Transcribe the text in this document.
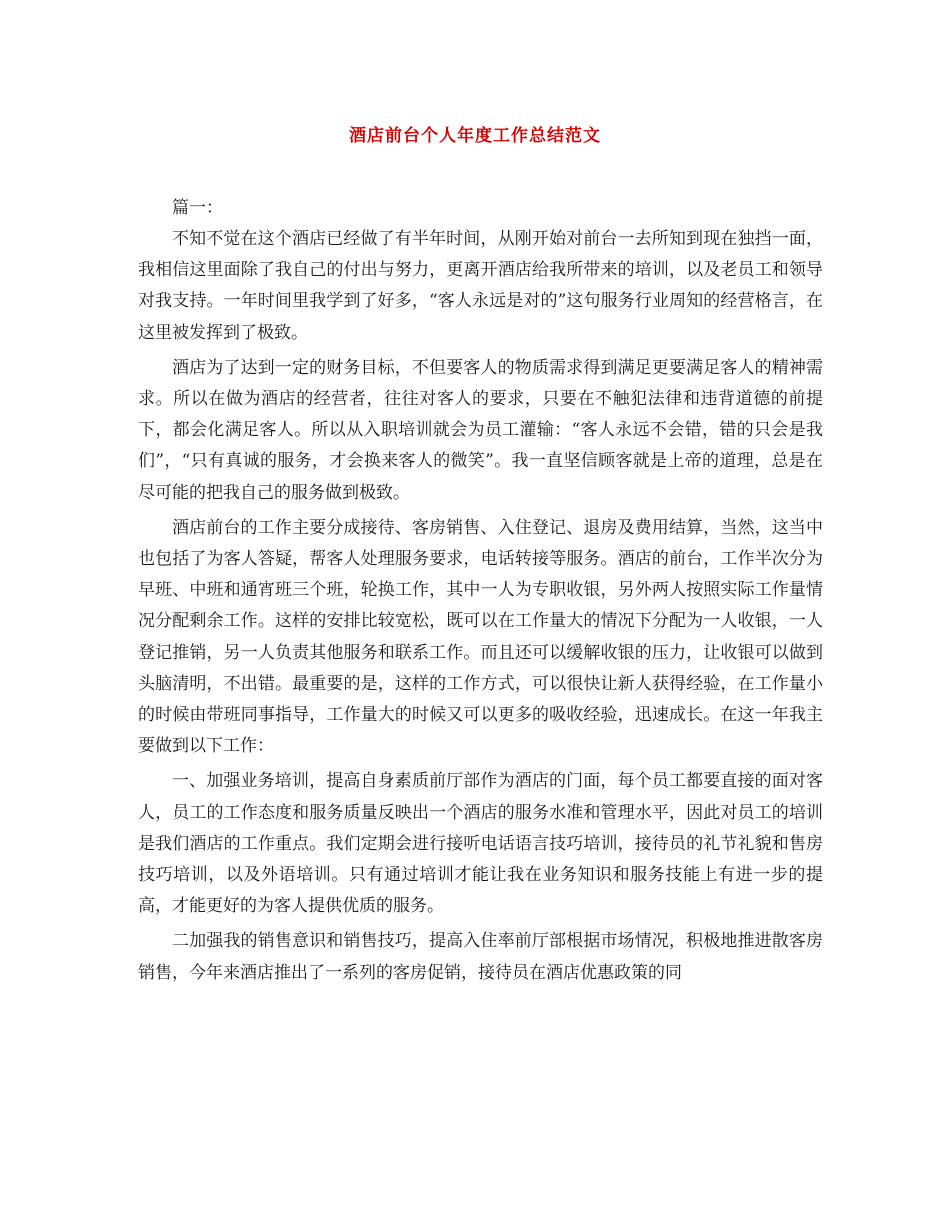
酒店前台个人年度工作总结范文
篇一：

不知不觉在这个酒店已经做了有半年时间，从刚开始对前台一去所知到现在独挡一面，我相信这里面除了我自己的付出与努力，更离开酒店给我所带来的培训，以及老员工和领导对我支持。一年时间里我学到了好多，“客人永远是对的”这句服务行业周知的经营格言，在这里被发挥到了极致。

酒店为了达到一定的财务目标，不但要客人的物质需求得到满足更要满足客人的精神需求。所以在做为酒店的经营者，往往对客人的要求，只要在不触犯法律和违背道德的前提下，都会化满足客人。所以从入职培训就会为员工灌输：“客人永远不会错，错的只会是我们”，“只有真诚的服务，才会换来客人的微笑”。我一直坚信顾客就是上帝的道理，总是在尽可能的把我自己的服务做到极致。

酒店前台的工作主要分成接待、客房销售、入住登记、退房及费用结算，当然，这当中也包括了为客人答疑，帮客人处理服务要求，电话转接等服务。酒店的前台，工作半次分为早班、中班和通宵班三个班，轮换工作，其中一人为专职收银，另外两人按照实际工作量情况分配剩余工作。这样的安排比较宽松，既可以在工作量大的情况下分配为一人收银，一人登记推销，另一人负责其他服务和联系工作。而且还可以缓解收银的压力，让收银可以做到头脑清明，不出错。最重要的是，这样的工作方式，可以很快让新人获得经验，在工作量小的时候由带班同事指导，工作量大的时候又可以更多的吸收经验，迅速成长。在这一年我主要做到以下工作：

一、加强业务培训，提高自身素质前厅部作为酒店的门面，每个员工都要直接的面对客人，员工的工作态度和服务质量反映出一个酒店的服务水准和管理水平，因此对员工的培训是我们酒店的工作重点。我们定期会进行接听电话语言技巧培训，接待员的礼节礼貌和售房技巧培训，以及外语培训。只有通过培训才能让我在业务知识和服务技能上有进一步的提高，才能更好的为客人提供优质的服务。

二加强我的销售意识和销售技巧，提高入住率前厅部根据市场情况，积极地推进散客房销售，今年来酒店推出了一系列的客房促销，接待员在酒店优惠政策的同
